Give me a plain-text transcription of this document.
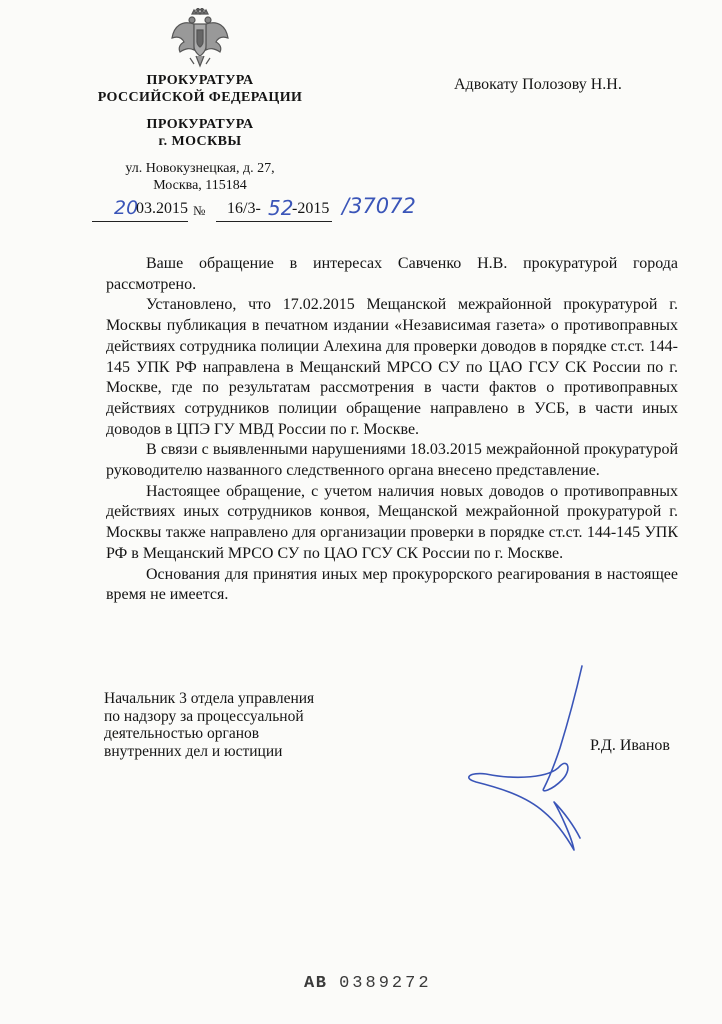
ПРОКУРАТУРА
РОССИЙСКОЙ ФЕДЕРАЦИИ
ПРОКУРАТУРА
г. МОСКВЫ
ул. Новокузнецкая, д. 27,
Москва, 115184
Адвокату Полозову Н.Н.
20
03.2015 № 16/3- 52
-2015 /37072

Ваше обращение в интересах Савченко Н.В. прокуратурой города рассмотрено.

Установлено, что 17.02.2015 Мещанской межрайонной прокуратурой г. Москвы публикация в печатном издании «Независимая газета» о противоправных действиях сотрудника полиции Алехина для проверки доводов в порядке ст.ст. 144-145 УПК РФ направлена в Мещанский МРСО СУ по ЦАО ГСУ СК России по г. Москве, где по результатам рассмотрения в части фактов о противоправных действиях сотрудников полиции обращение направлено в УСБ, в части иных доводов в ЦПЭ ГУ МВД России по г. Москве.

В связи с выявленными нарушениями 18.03.2015 межрайонной прокуратурой руководителю названного следственного органа внесено представление.

Настоящее обращение, с учетом наличия новых доводов о противоправных действиях иных сотрудников конвоя, Мещанской межрайонной прокуратурой г. Москвы также направлено для организации проверки в порядке ст.ст. 144-145 УПК РФ в Мещанский МРСО СУ по ЦАО ГСУ СК России по г. Москве.

Основания для принятия иных мер прокурорского реагирования в настоящее время не имеется.

Начальник 3 отдела управления
по надзору за процессуальной
деятельностью органов
внутренних дел и юстиции	Р.Д. Иванов
АВ 0389272
